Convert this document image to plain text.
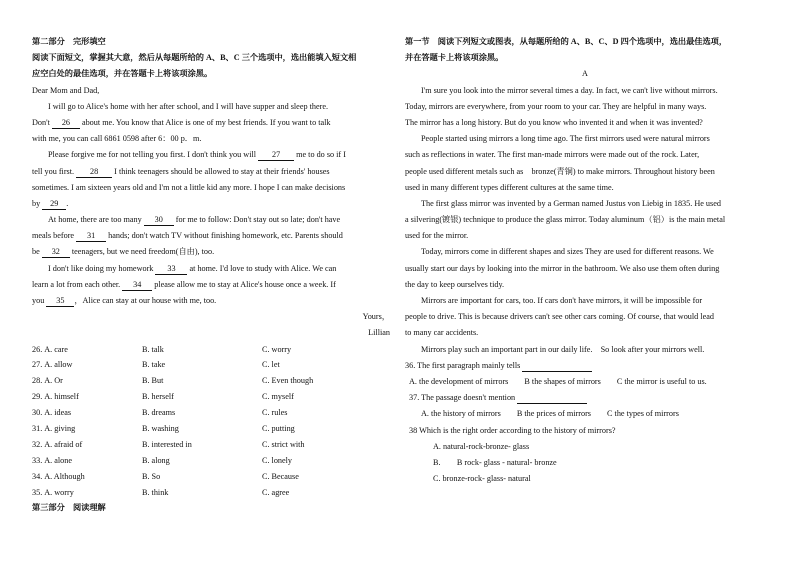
第二部分　完形填空
阅读下面短文，掌握其大意，然后从每题所给的 A、B、C 三个选项中，选出能填入短文相
应空白处的最佳选项，并在答题卡上将该项涂黑。
Dear Mom and Dad,
I will go to Alice's home with her after school, and I will have supper and sleep there.
Don't 26 about me. You know that Alice is one of my best friends. If you want to talk
with me, you can call 6861 0598 after 6：00 p．m.
Please forgive me for not telling you first. I don't think you will 27 me to do so if I
tell you first. 28 I think teenagers should be allowed to stay at their friends' houses
sometimes. I am sixteen years old and I'm not a little kid any more. I hope I can make decisions
by 29 .
At home, there are too many 30 for me to follow: Don't stay out so late; don't have
meals before 31 hands; don't watch TV without finishing homework, etc. Parents should
be 32 teenagers, but we need freedom(自由), too.
I don't like doing my homework 33 at home. I'd love to study with Alice. We can
learn a lot from each other. 34 please allow me to stay at Alice's house once a week. If
you 35 ，Alice can stay at our house with me, too.
Yours，
Lillian
26. A. care	B. talk	C. worry
27. A. allow	B. take	C. let
28. A. Or	B. But	C. Even though
29. A. himself	B. herself	C. myself
30. A. ideas	B. dreams	C. rules
31. A. giving	B. washing	C. putting
32. A. afraid of	B. interested in	C. strict with
33. A. alone	B. along	C. lonely
34. A. Although	B. So	C. Because
35. A. worry	B. think	C. agree
第三部分　阅读理解
第一节　阅读下列短文或图表，从每题所给的 A、B、C、D 四个选项中，选出最佳选项，
并在答题卡上将该项涂黑。
A
I'm sure you look into the mirror several times a day. In fact, we can't live without mirrors.
Today, mirrors are everywhere, from your room to your car. They are helpful in many ways.
The mirror has a long history. But do you know who invented it and when it was invented?
People started using mirrors a long time ago. The first mirrors used were natural mirrors
such as reflections in water. The first man-made mirrors were made out of the rock. Later,
people used different metals such as　bronze(青铜) to make mirrors. Throughout history been
used in many different types different cultures at the same time.
The first glass mirror was invented by a German named Justus von Liebig in 1835. He used
a silvering(镀银) technique to produce the glass mirror. Today aluminum（铝）is the main metal
used for the mirror.
Today, mirrors come in different shapes and sizes They are used for different reasons. We
usually start our days by looking into the mirror in the bathroom. We also use them often during
the day to keep ourselves tidy.
Mirrors are important for cars, too. If cars don't have mirrors, it will be impossible for
people to drive. This is because drivers can't see other cars coming. Of course, that would lead
to many car accidents.
Mirrors play such an important part in our daily life.　So look after your mirrors well.
36. The first paragraph mainly tells
A. the development of mirrors B the shapes of mirrors C the mirror is useful to us.
37. The passage doesn't mention
A. the history of mirrors B the prices of mirrors C the types of mirrors
38 Which is the right order according to the history of mirrors?
A. natural-rock-bronze- glass
B.　　B rock- glass - natural- bronze
C. bronze-rock- glass- natural
